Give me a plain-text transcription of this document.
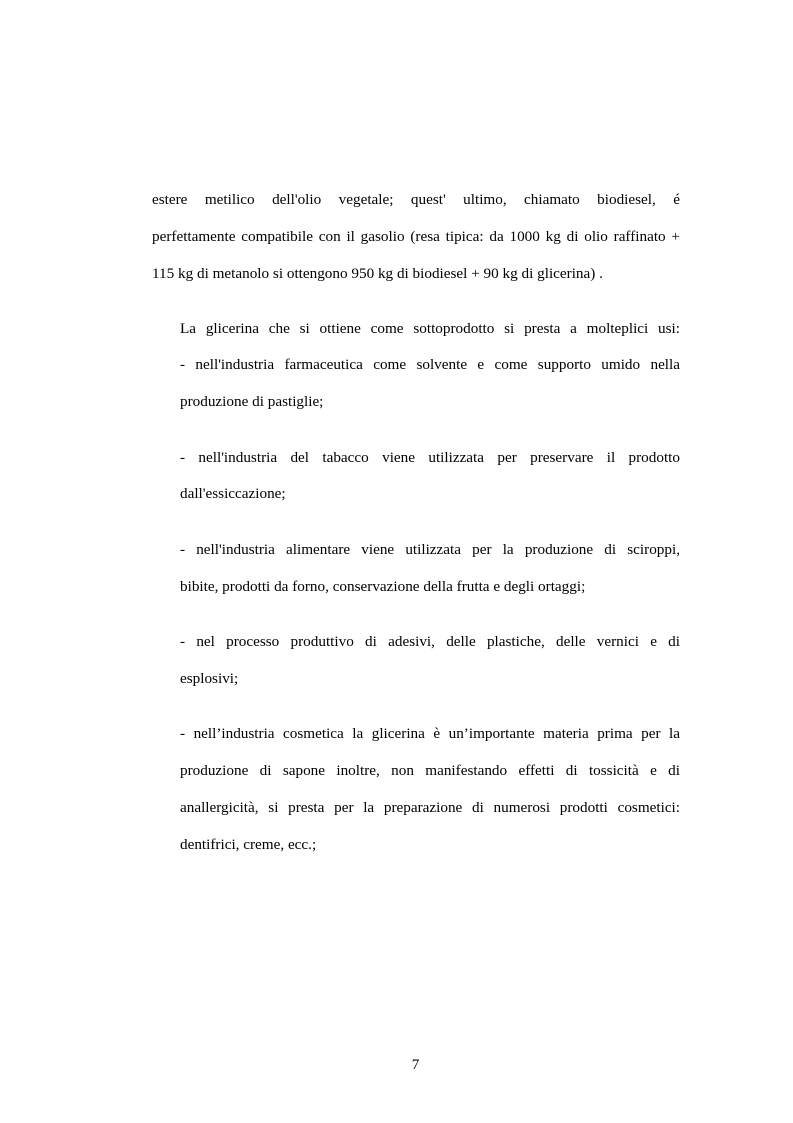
estere metilico dell'olio vegetale; quest' ultimo, chiamato biodiesel, é
perfettamente compatibile con il gasolio (resa tipica: da 1000 kg di olio raffinato +
115 kg di metanolo si ottengono 950 kg di biodiesel + 90 kg di glicerina) .
La glicerina che si ottiene come sottoprodotto si presta a molteplici usi:
- nell'industria farmaceutica come solvente e come supporto umido nella
produzione di pastiglie;
- nell'industria del tabacco viene utilizzata per preservare il prodotto
dall'essiccazione;
- nell'industria alimentare viene utilizzata per la produzione di sciroppi,
bibite, prodotti da forno, conservazione della frutta e degli ortaggi;
- nel processo produttivo di adesivi, delle plastiche, delle vernici e di
esplosivi;
- nell’industria cosmetica la glicerina è un’importante materia prima per la
produzione di sapone inoltre, non manifestando effetti di tossicità e di
anallergicità, si presta per la preparazione di numerosi prodotti cosmetici:
dentifrici, creme, ecc.;
7
